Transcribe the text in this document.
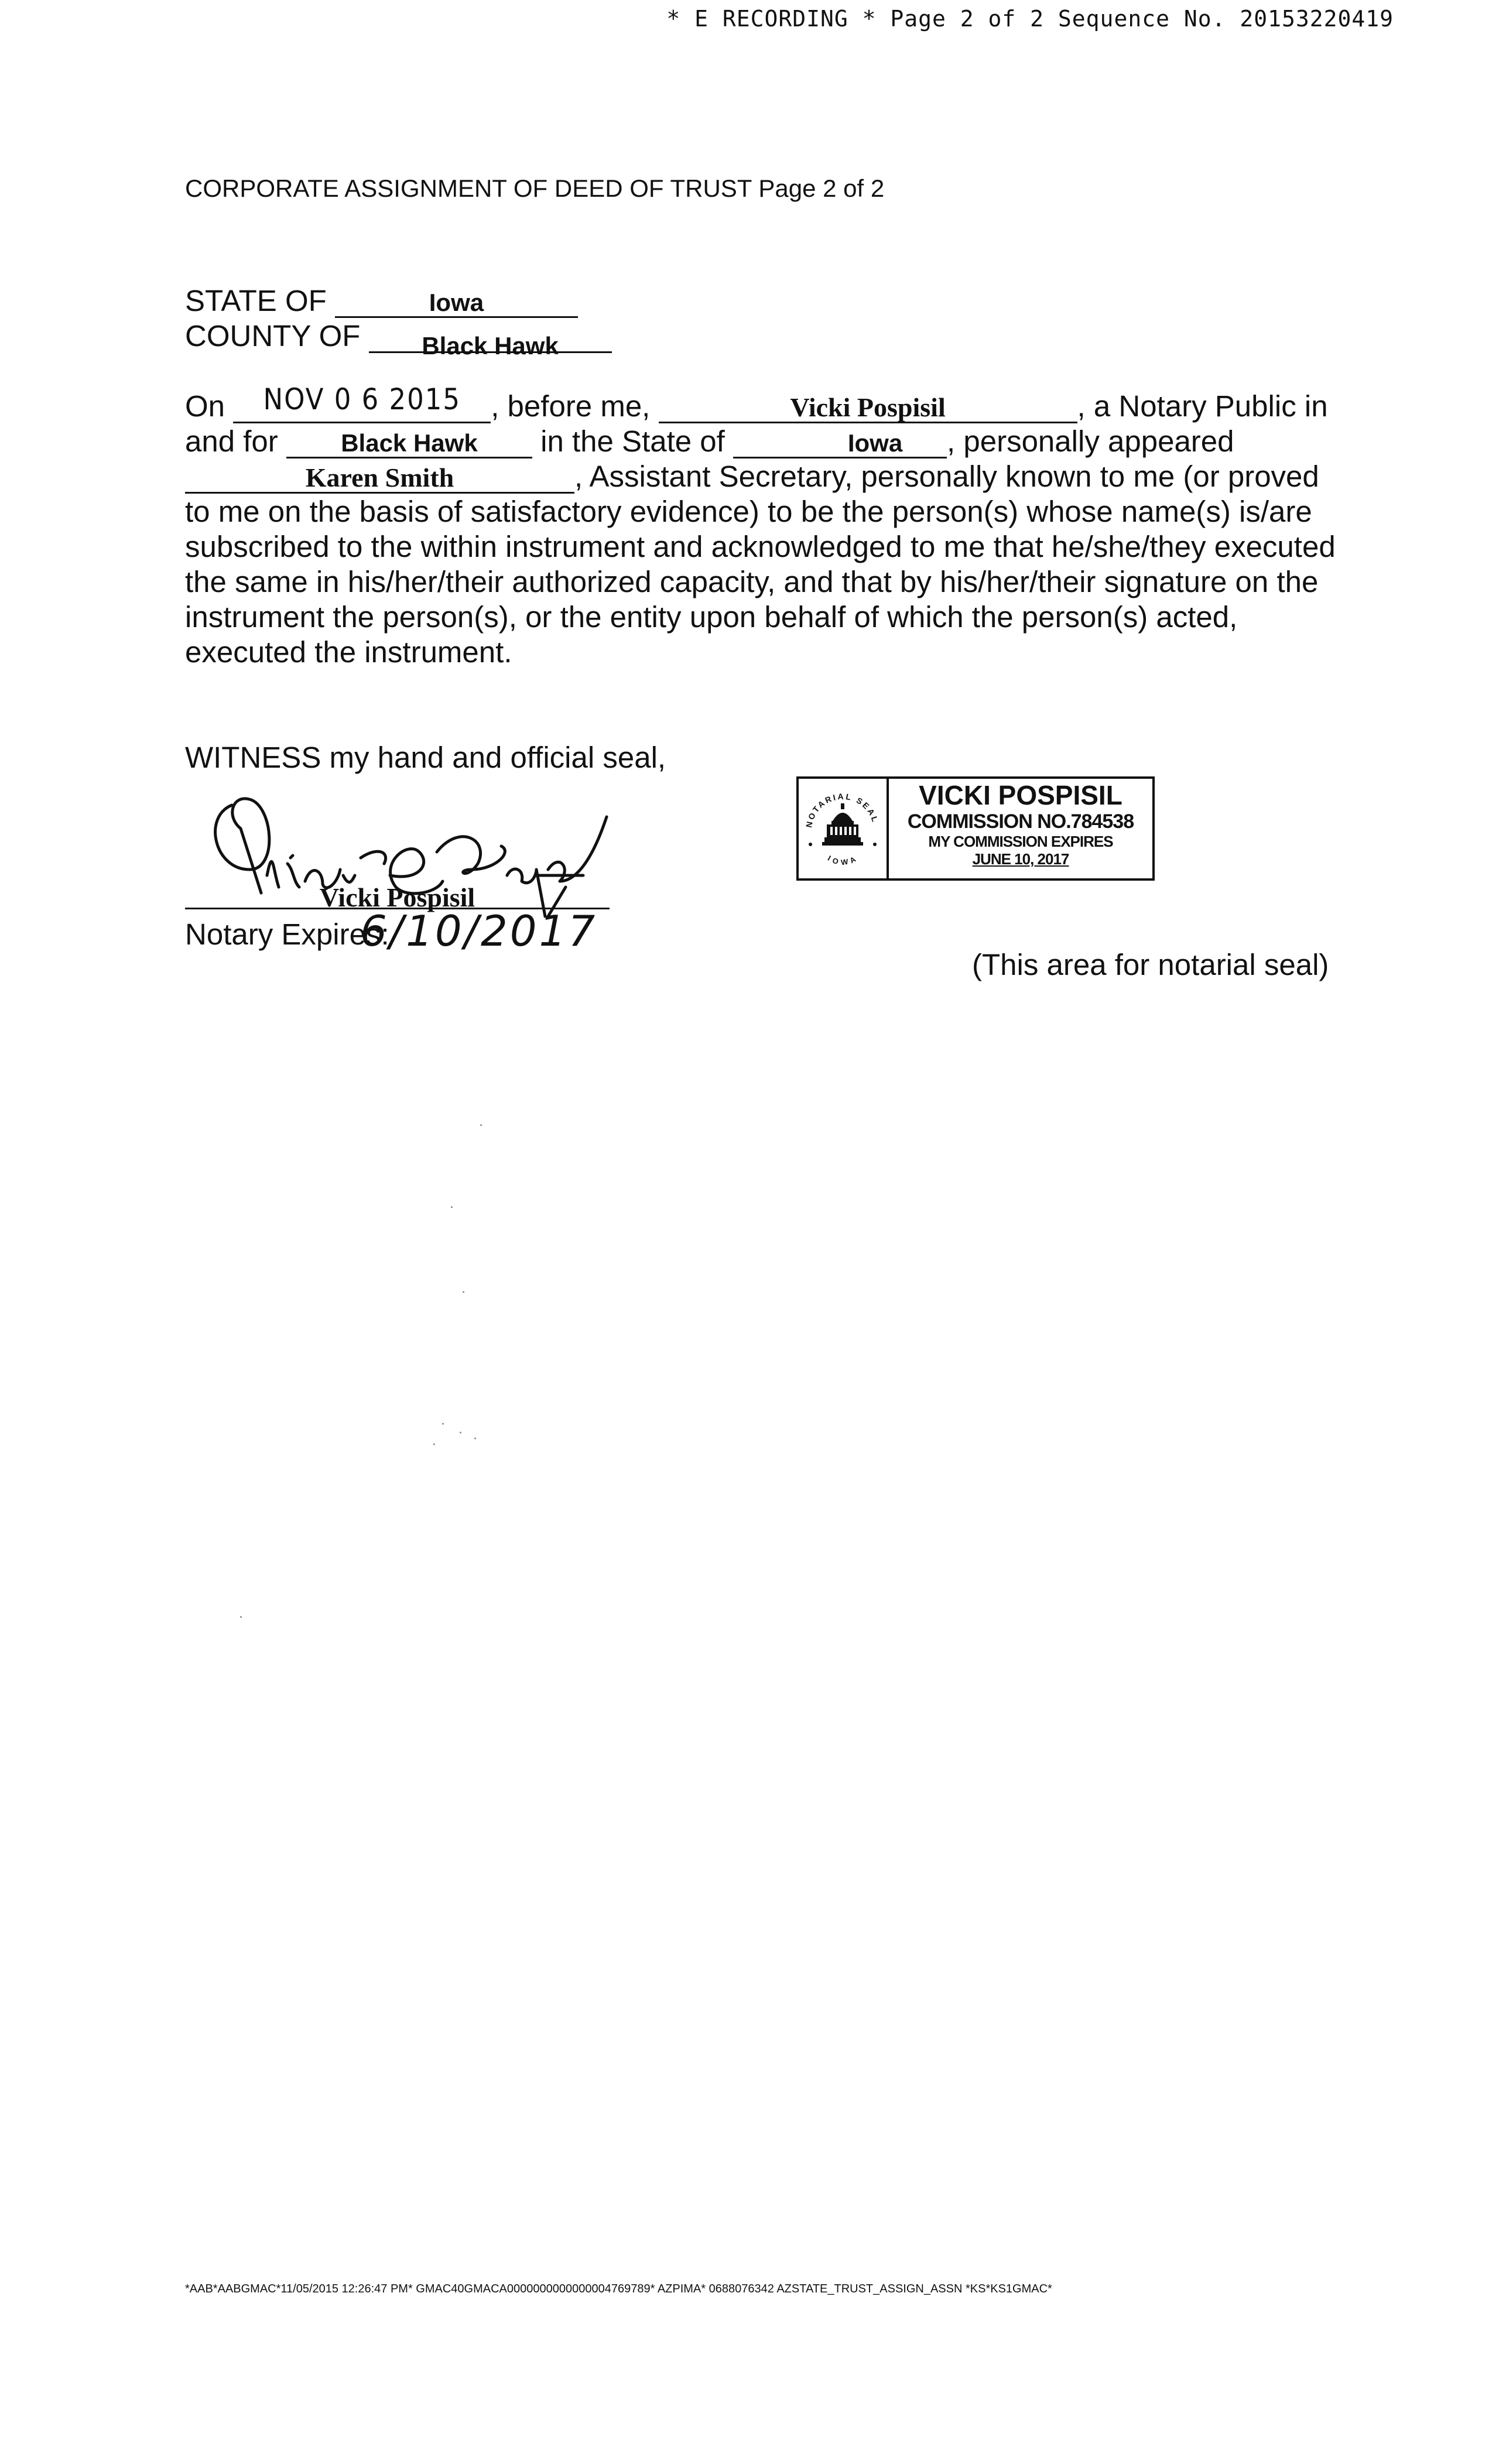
* E RECORDING * Page 2 of 2 Sequence No. 20153220419
CORPORATE ASSIGNMENT OF DEED OF TRUST Page 2 of 2
STATE OF	Iowa
COUNTY OF $_{Black Hawk}$
On NOV 0 6 2015 , before me,	Vicki Pospisil	, a Notary Public in
and for	Black Hawk in the State of	Iowa , personally appeared
Karen Smith	, Assistant Secretary, personally known to me (or proved
to me on the basis of satisfactory evidence) to be the person(s) whose name(s) is/are
subscribed to the within instrument and acknowledged to me that he/she/they executed
the same in his/her/their authorized capacity, and that by his/her/their signature on the
instrument the person(s), or the entity upon behalf of which the person(s) acted,
executed the instrument.
WITNESS my hand and official seal,
Vicki Pospisil
Notary Expires:
6/10/2017
NOTARIAL SEAL
IOWA
VICKI POSPISIL
COMMISSION NO.784538
MY COMMISSION EXPIRES
JUNE 10, 2017
(This area for notarial seal)
*AAB*AABGMAC*11/05/2015 12:26:47 PM* GMAC40GMACA0000000000000004769789* AZPIMA* 0688076342 AZSTATE_TRUST_ASSIGN_ASSN *KS*KS1GMAC*
